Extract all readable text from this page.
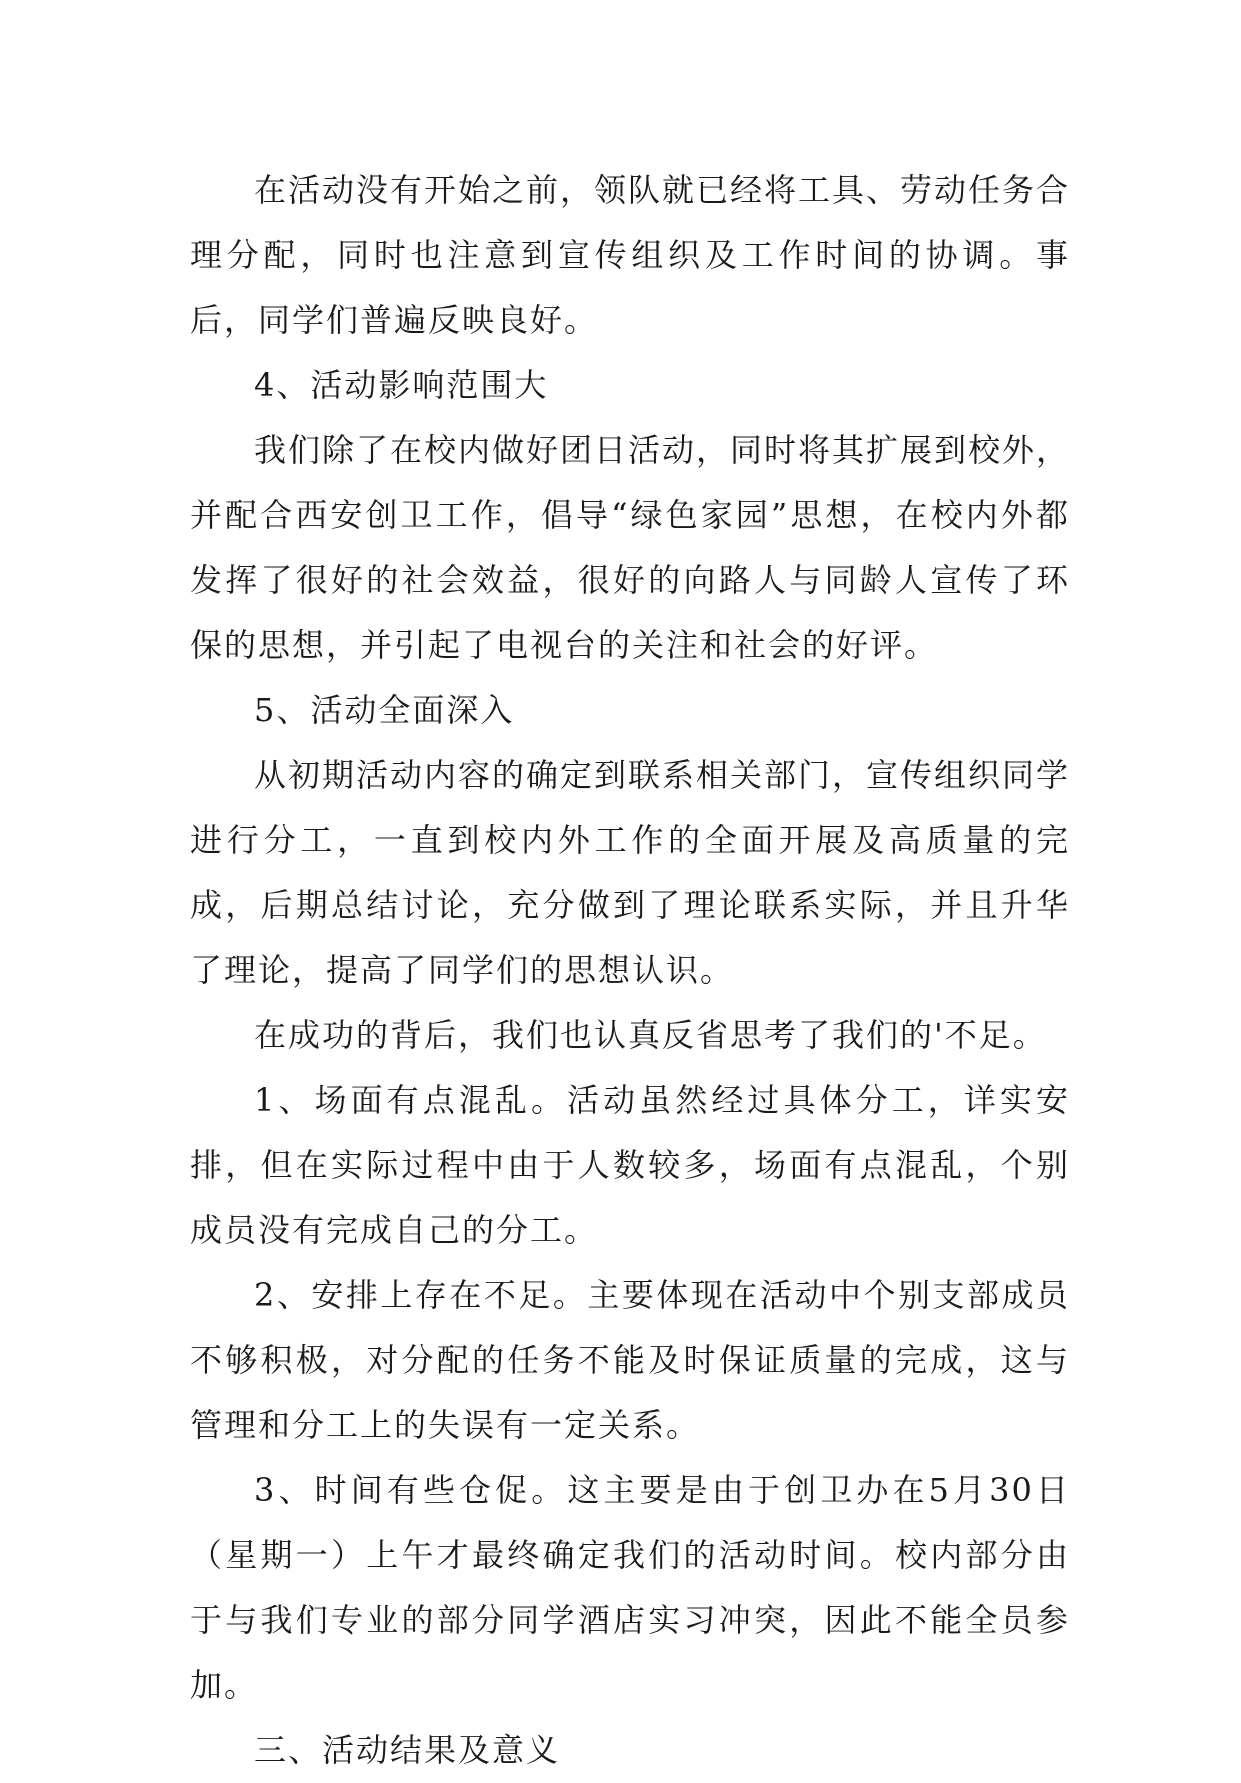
在活动没有开始之前，领队就已经将工具、劳动任务合理分配，同时也注意到宣传组织及工作时间的协调。事后，同学们普遍反映良好。

4、活动影响范围大

我们除了在校内做好团日活动，同时将其扩展到校外，并配合西安创卫工作，倡导“绿色家园”思想，在校内外都发挥了很好的社会效益，很好的向路人与同龄人宣传了环保的思想，并引起了电视台的关注和社会的好评。

5、活动全面深入

从初期活动内容的确定到联系相关部门，宣传组织同学进行分工，一直到校内外工作的全面开展及高质量的完成，后期总结讨论，充分做到了理论联系实际，并且升华了理论，提高了同学们的思想认识。

在成功的背后，我们也认真反省思考了我们的'不足。

1、场面有点混乱。活动虽然经过具体分工，详实安排，但在实际过程中由于人数较多，场面有点混乱，个别成员没有完成自己的分工。

2、安排上存在不足。主要体现在活动中个别支部成员不够积极，对分配的任务不能及时保证质量的完成，这与管理和分工上的失误有一定关系。

3、时间有些仓促。这主要是由于创卫办在5月30日（星期一）上午才最终确定我们的活动时间。校内部分由于与我们专业的部分同学酒店实习冲突，因此不能全员参加。

三、活动结果及意义
